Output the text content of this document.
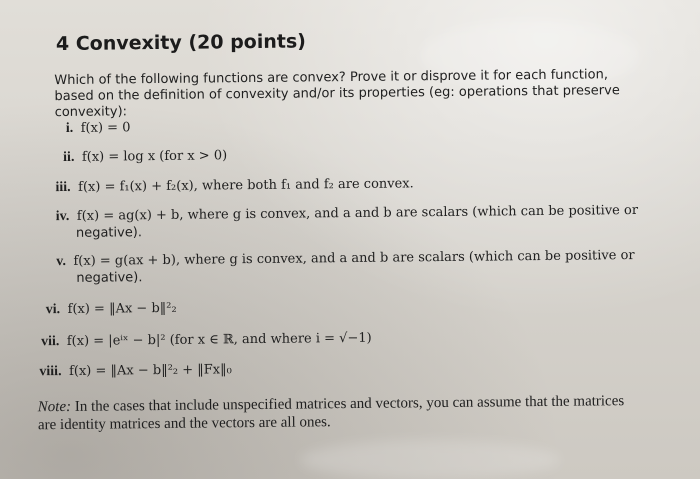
4 Convexity (20 points)

Which of the following functions are convex? Prove it or disprove it for each function, based on the definition of convexity and/or its properties (eg: operations that preserve convexity):

i. f(x) = 0

ii. f(x) = log x (for x > 0)

iii. f(x) = f₁(x) + f₂(x), where both f₁ and f₂ are convex.

iv. f(x) = ag(x) + b, where g is convex, and a and b are scalars (which can be positive or
negative).

v. f(x) = g(ax + b), where g is convex, and a and b are scalars (which can be positive or
negative).

vi. f(x) = ‖Ax − b‖²₂

vii. f(x) = |eⁱˣ − b|² (for x ∈ ℝ, and where i = √−1)

viii. f(x) = ‖Ax − b‖²₂ + ‖Fx‖₀

Note: In the cases that include unspecified matrices and vectors, you can assume that the matrices are identity matrices and the vectors are all ones.
